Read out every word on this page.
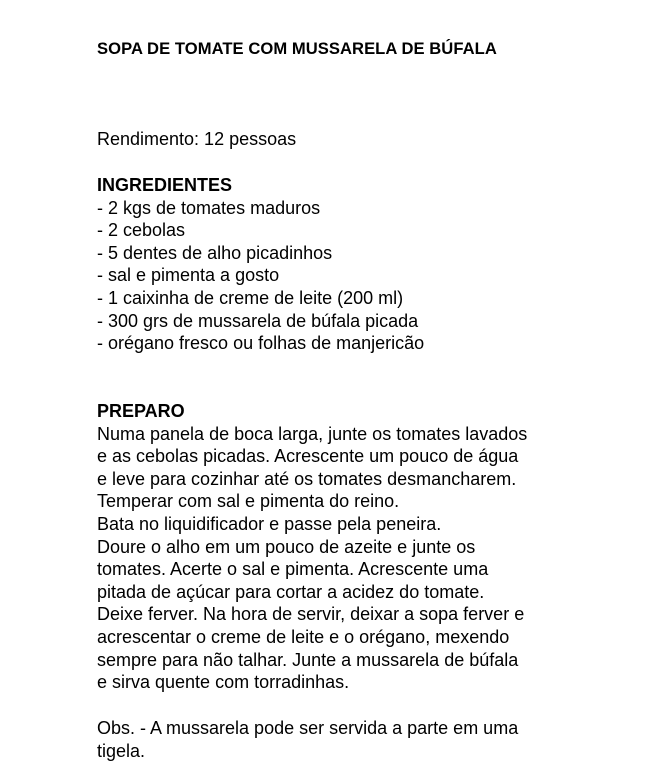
SOPA DE TOMATE COM MUSSARELA DE BÚFALA

Rendimento: 12 pessoas

INGREDIENTES
- 2 kgs de tomates maduros
- 2 cebolas
- 5 dentes de alho picadinhos
- sal e pimenta a gosto
- 1 caixinha de creme de leite (200 ml)
- 300 grs de mussarela de búfala picada
- orégano fresco ou folhas de manjericão
PREPARO
Numa panela de boca larga, junte os tomates lavados
e as cebolas picadas. Acrescente um pouco de água
e leve para cozinhar até os tomates desmancharem.
Temperar com sal e pimenta do reino.
Bata no liquidificador e passe pela peneira.
Doure o alho em um pouco de azeite e junte os
tomates. Acerte o sal e pimenta. Acrescente uma
pitada de açúcar para cortar a acidez do tomate.
Deixe ferver. Na hora de servir, deixar a sopa ferver e
acrescentar o creme de leite e o orégano, mexendo
sempre para não talhar. Junte a mussarela de búfala
e sirva quente com torradinhas.
Obs. - A mussarela pode ser servida a parte em uma
tigela.
